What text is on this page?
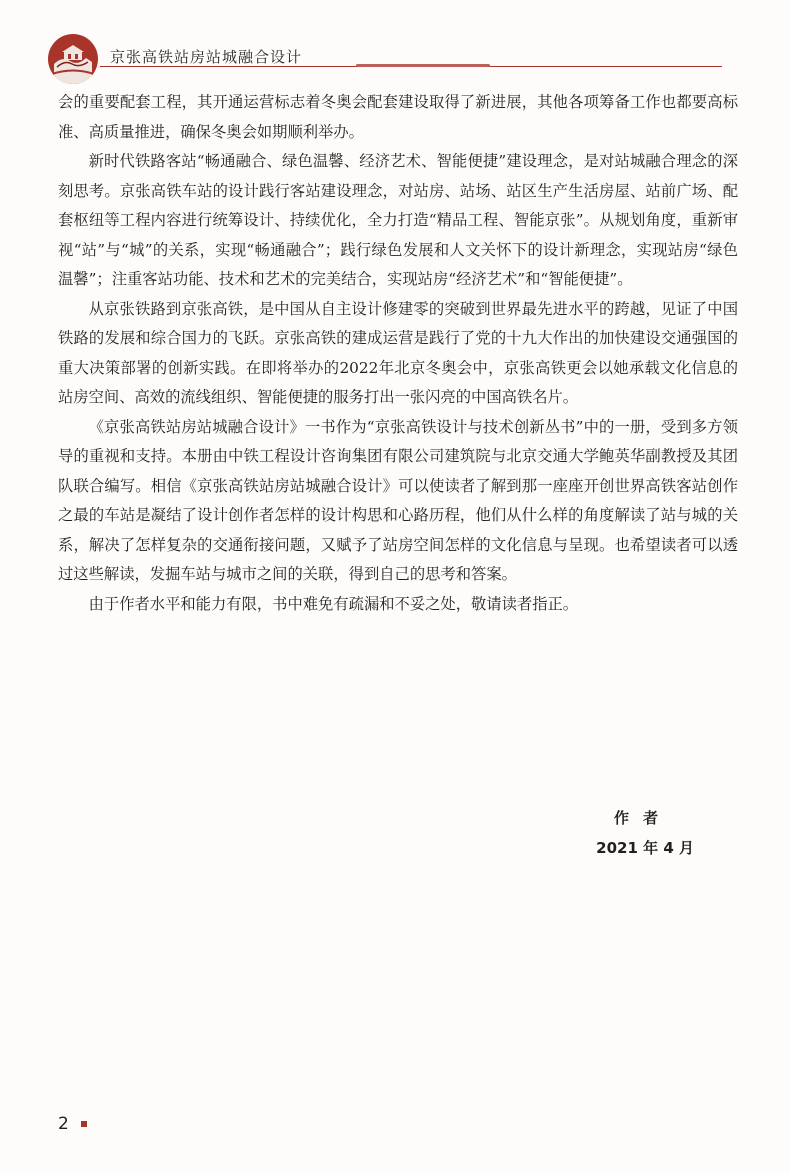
京张高铁站房站城融合设计

会的重要配套工程，其开通运营标志着冬奥会配套建设取得了新进展，其他各项筹备工作也都要高标准、高质量推进，确保冬奥会如期顺利举办。

新时代铁路客站“畅通融合、绿色温馨、经济艺术、智能便捷”建设理念，是对站城融合理念的深刻思考。京张高铁车站的设计践行客站建设理念，对站房、站场、站区生产生活房屋、站前广场、配套枢纽等工程内容进行统筹设计、持续优化，全力打造“精品工程、智能京张”。从规划角度，重新审视“站”与“城”的关系，实现“畅通融合”；践行绿色发展和人文关怀下的设计新理念，实现站房“绿色温馨”；注重客站功能、技术和艺术的完美结合，实现站房“经济艺术”和“智能便捷”。

从京张铁路到京张高铁，是中国从自主设计修建零的突破到世界最先进水平的跨越，见证了中国铁路的发展和综合国力的飞跃。京张高铁的建成运营是践行了党的十九大作出的加快建设交通强国的重大决策部署的创新实践。在即将举办的2022年北京冬奥会中，京张高铁更会以她承载文化信息的站房空间、高效的流线组织、智能便捷的服务打出一张闪亮的中国高铁名片。

《京张高铁站房站城融合设计》一书作为“京张高铁设计与技术创新丛书”中的一册，受到多方领导的重视和支持。本册由中铁工程设计咨询集团有限公司建筑院与北京交通大学鲍英华副教授及其团队联合编写。相信《京张高铁站房站城融合设计》可以使读者了解到那一座座开创世界高铁客站创作之最的车站是凝结了设计创作者怎样的设计构思和心路历程，他们从什么样的角度解读了站与城的关系，解决了怎样复杂的交通衔接问题，又赋予了站房空间怎样的文化信息与呈现。也希望读者可以透过这些解读，发掘车站与城市之间的关联，得到自己的思考和答案。

由于作者水平和能力有限，书中难免有疏漏和不妥之处，敬请读者指正。

作者
2021 年 4 月
2
